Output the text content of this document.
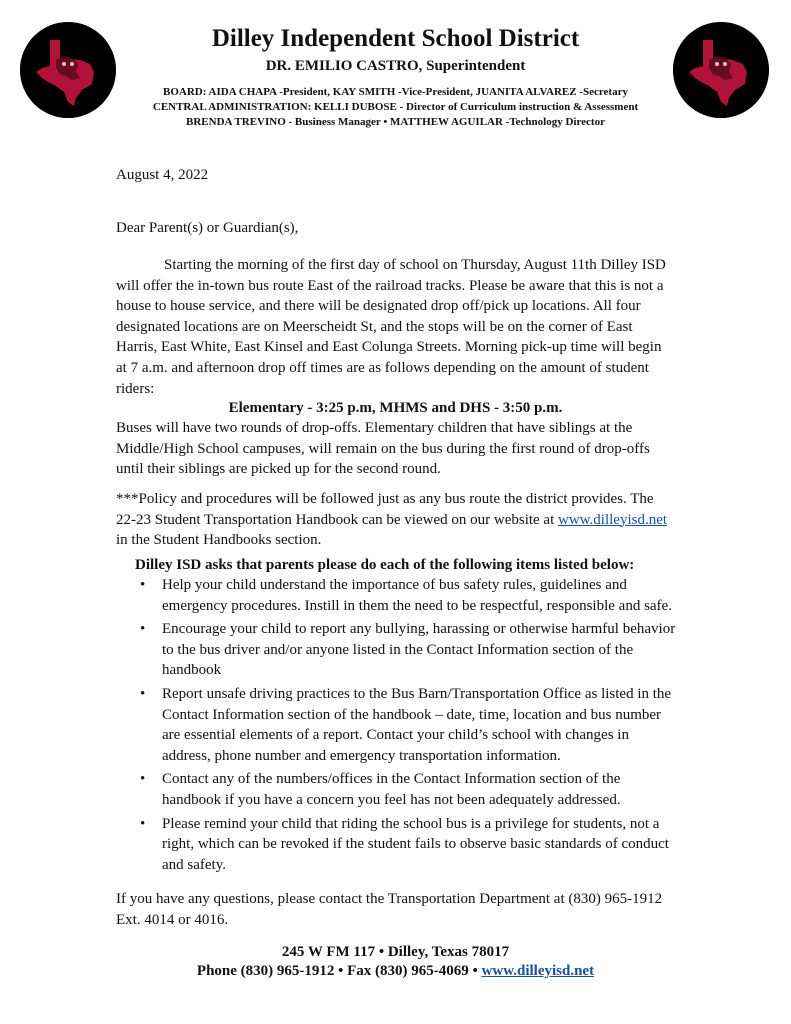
Dilley Independent School District
DR. EMILIO CASTRO, Superintendent
BOARD: AIDA CHAPA -President, KAY SMITH -Vice-President, JUANITA ALVAREZ -Secretary
CENTRAL ADMINISTRATION: KELLI DUBOSE - Director of Curriculum instruction & Assessment
BRENDA TREVINO - Business Manager • MATTHEW AGUILAR -Technology Director
August 4, 2022
Dear Parent(s) or Guardian(s),
Starting the morning of the first day of school on Thursday, August 11th Dilley ISD will offer the in-town bus route East of the railroad tracks. Please be aware that this is not a house to house service, and there will be designated drop off/pick up locations. All four designated locations are on Meerscheidt St, and the stops will be on the corner of East Harris, East White, East Kinsel and East Colunga Streets. Morning pick-up time will begin at 7 a.m. and afternoon drop off times are as follows depending on the amount of student riders:
Elementary - 3:25 p.m, MHMS and DHS - 3:50 p.m.
Buses will have two rounds of drop-offs. Elementary children that have siblings at the Middle/High School campuses, will remain on the bus during the first round of drop-offs until their siblings are picked up for the second round.
***Policy and procedures will be followed just as any bus route the district provides. The 22-23 Student Transportation Handbook can be viewed on our website at www.dilleyisd.net in the Student Handbooks section.
Dilley ISD asks that parents please do each of the following items listed below:
• Help your child understand the importance of bus safety rules, guidelines and emergency procedures. Instill in them the need to be respectful, responsible and safe.
• Encourage your child to report any bullying, harassing or otherwise harmful behavior to the bus driver and/or anyone listed in the Contact Information section of the handbook
• Report unsafe driving practices to the Bus Barn/Transportation Office as listed in the Contact Information section of the handbook – date, time, location and bus number are essential elements of a report. Contact your child’s school with changes in address, phone number and emergency transportation information.
• Contact any of the numbers/offices in the Contact Information section of the handbook if you have a concern you feel has not been adequately addressed.
• Please remind your child that riding the school bus is a privilege for students, not a right, which can be revoked if the student fails to observe basic standards of conduct and safety.
If you have any questions, please contact the Transportation Department at (830) 965-1912 Ext. 4014 or 4016.
245 W FM 117 • Dilley, Texas 78017
Phone (830) 965-1912 • Fax (830) 965-4069 • www.dilleyisd.net
